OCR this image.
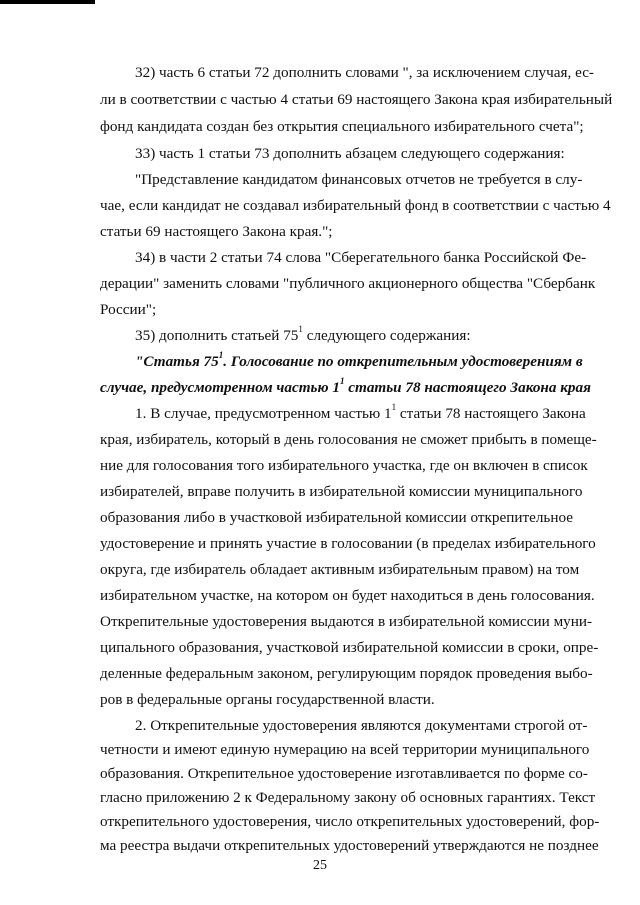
32) часть 6 статьи 72 дополнить словами ", за исключением случая, ес-
ли в соответствии с частью 4 статьи 69 настоящего Закона края избирательный
фонд кандидата создан без открытия специального избирательного счета";
33) часть 1 статьи 73 дополнить абзацем следующего содержания:
"Представление кандидатом финансовых отчетов не требуется в слу-
чае, если кандидат не создавал избирательный фонд в соответствии с частью 4
статьи 69 настоящего Закона края.";
34) в части 2 статьи 74 слова "Сберегательного банка Российской Фе-
дерации" заменить словами "публичного акционерного общества "Сбербанк
России";
35) дополнить статьей $75^1$ следующего содержания:
"Статья $75^1$. Голосование по открепительным удостоверениям в
случае, предусмотренном частью $1^1$ статьи 78 настоящего Закона края
1. В случае, предусмотренном частью $1^1$ статьи 78 настоящего Закона
края, избиратель, который в день голосования не сможет прибыть в помеще-
ние для голосования того избирательного участка, где он включен в список
избирателей, вправе получить в избирательной комиссии муниципального
образования либо в участковой избирательной комиссии открепительное
удостоверение и принять участие в голосовании (в пределах избирательного
округа, где избиратель обладает активным избирательным правом) на том
избирательном участке, на котором он будет находиться в день голосования.
Открепительные удостоверения выдаются в избирательной комиссии муни-
ципального образования, участковой избирательной комиссии в сроки, опре-
деленные федеральным законом, регулирующим порядок проведения выбо-
ров в федеральные органы государственной власти.
2. Открепительные удостоверения являются документами строгой от-
четности и имеют единую нумерацию на всей территории муниципального
образования. Открепительное удостоверение изготавливается по форме со-
гласно приложению 2 к Федеральному закону об основных гарантиях. Текст
открепительного удостоверения, число открепительных удостоверений, фор-
ма реестра выдачи открепительных удостоверений утверждаются не позднее
25
